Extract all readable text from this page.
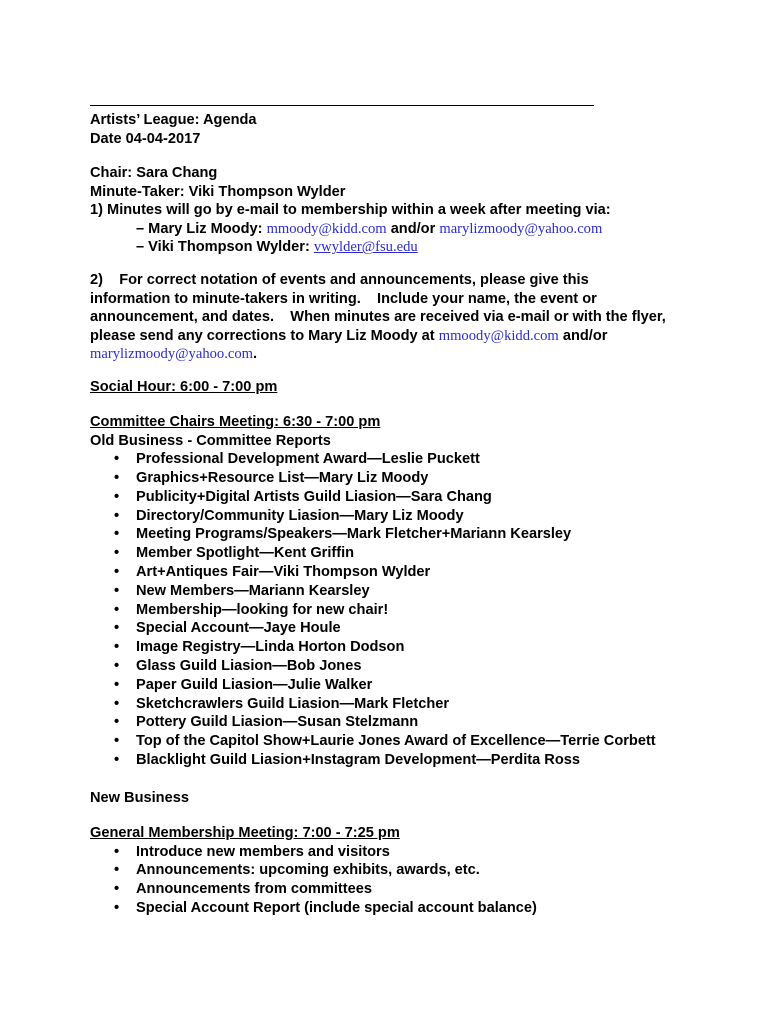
Artists’ League: Agenda
Date 04-04-2017
Chair: Sara Chang
Minute-Taker: Viki Thompson Wylder
1) Minutes will go by e-mail to membership within a week after meeting via:
– Mary Liz Moody: mmoody@kidd.com and/or marylizmoody@yahoo.com
– Viki Thompson Wylder: vwylder@fsu.edu
2)    For correct notation of events and announcements, please give this
information to minute-takers in writing.    Include your name, the event or
announcement, and dates.    When minutes are received via e-mail or with the flyer,
please send any corrections to Mary Liz Moody at mmoody@kidd.com and/or
marylizmoody@yahoo.com.
Social Hour: 6:00 - 7:00 pm
Committee Chairs Meeting: 6:30 - 7:00 pm
Old Business - Committee Reports
• Professional Development Award—Leslie Puckett
• Graphics+Resource List—Mary Liz Moody
• Publicity+Digital Artists Guild Liasion—Sara Chang
• Directory/Community Liasion—Mary Liz Moody
• Meeting Programs/Speakers—Mark Fletcher+Mariann Kearsley
• Member Spotlight—Kent Griffin
• Art+Antiques Fair—Viki Thompson Wylder
• New Members—Mariann Kearsley
• Membership—looking for new chair!
• Special Account—Jaye Houle
• Image Registry—Linda Horton Dodson
• Glass Guild Liasion—Bob Jones
• Paper Guild Liasion—Julie Walker
• Sketchcrawlers Guild Liasion—Mark Fletcher
• Pottery Guild Liasion—Susan Stelzmann
• Top of the Capitol Show+Laurie Jones Award of Excellence—Terrie Corbett
• Blacklight Guild Liasion+Instagram Development—Perdita Ross
New Business
General Membership Meeting: 7:00 - 7:25 pm
• Introduce new members and visitors
• Announcements: upcoming exhibits, awards, etc.
• Announcements from committees
• Special Account Report (include special account balance)
